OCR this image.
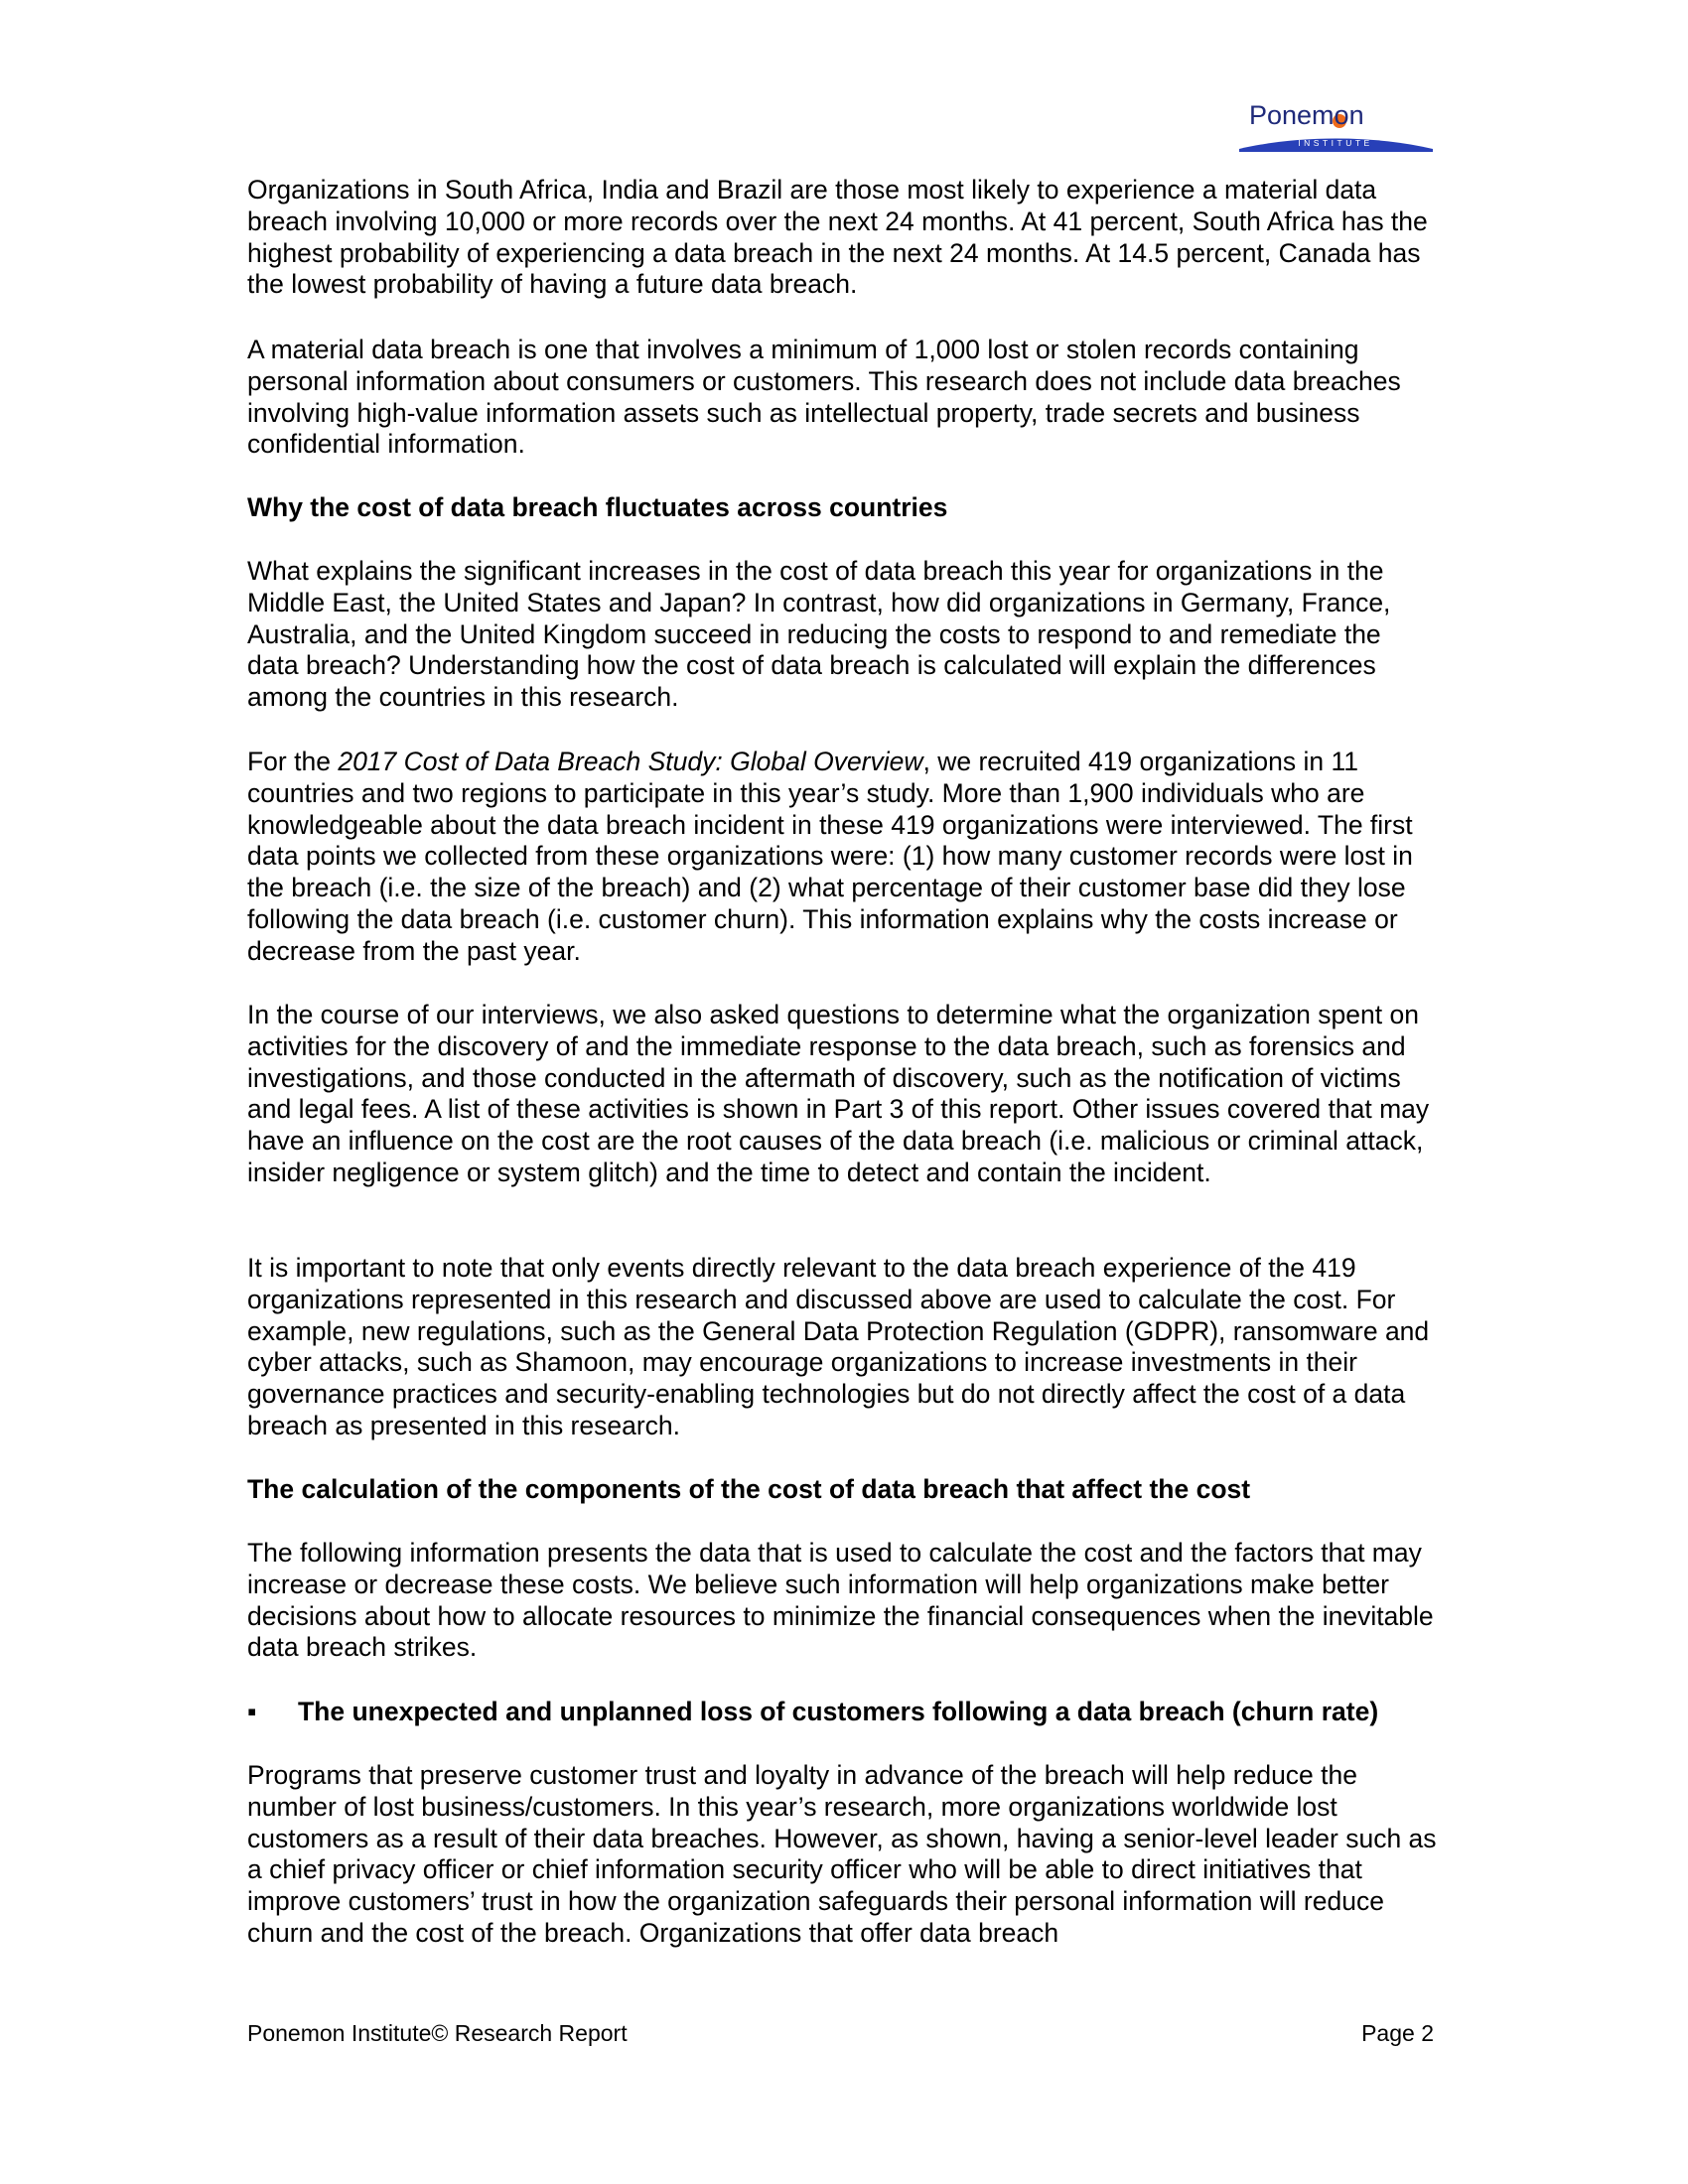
Ponemon
INSTITUTE

Organizations in South Africa, India and Brazil are those most likely to experience a material data breach involving 10,000 or more records over the next 24 months. At 41 percent, South Africa has the highest probability of experiencing a data breach in the next 24 months. At 14.5 percent, Canada has the lowest probability of having a future data breach.

A material data breach is one that involves a minimum of 1,000 lost or stolen records containing personal information about consumers or customers. This research does not include data breaches involving high-value information assets such as intellectual property, trade secrets and business confidential information.

Why the cost of data breach fluctuates across countries

What explains the significant increases in the cost of data breach this year for organizations in the Middle East, the United States and Japan? In contrast, how did organizations in Germany, France, Australia, and the United Kingdom succeed in reducing the costs to respond to and remediate the data breach? Understanding how the cost of data breach is calculated will explain the differences among the countries in this research.

For the 2017 Cost of Data Breach Study: Global Overview, we recruited 419 organizations in 11 countries and two regions to participate in this year’s study. More than 1,900 individuals who are knowledgeable about the data breach incident in these 419 organizations were interviewed. The first data points we collected from these organizations were: (1) how many customer records were lost in the breach (i.e. the size of the breach) and (2) what percentage of their customer base did they lose following the data breach (i.e. customer churn). This information explains why the costs increase or decrease from the past year.

In the course of our interviews, we also asked questions to determine what the organization spent on activities for the discovery of and the immediate response to the data breach, such as forensics and investigations, and those conducted in the aftermath of discovery, such as the notification of victims and legal fees. A list of these activities is shown in Part 3 of this report. Other issues covered that may have an influence on the cost are the root causes of the data breach (i.e. malicious or criminal attack, insider negligence or system glitch) and the time to detect and contain the incident.

It is important to note that only events directly relevant to the data breach experience of the 419 organizations represented in this research and discussed above are used to calculate the cost. For example, new regulations, such as the General Data Protection Regulation (GDPR), ransomware and cyber attacks, such as Shamoon, may encourage organizations to increase investments in their governance practices and security-enabling technologies but do not directly affect the cost of a data breach as presented in this research.

The calculation of the components of the cost of data breach that affect the cost

The following information presents the data that is used to calculate the cost and the factors that may increase or decrease these costs. We believe such information will help organizations make better decisions about how to allocate resources to minimize the financial consequences when the inevitable data breach strikes.

▪	The unexpected and unplanned loss of customers following a data breach (churn rate)

Programs that preserve customer trust and loyalty in advance of the breach will help reduce the number of lost business/customers. In this year’s research, more organizations worldwide lost customers as a result of their data breaches. However, as shown, having a senior-level leader such as a chief privacy officer or chief information security officer who will be able to direct initiatives that improve customers’ trust in how the organization safeguards their personal information will reduce churn and the cost of the breach. Organizations that offer data breach

Ponemon Institute© Research Report	Page 2
